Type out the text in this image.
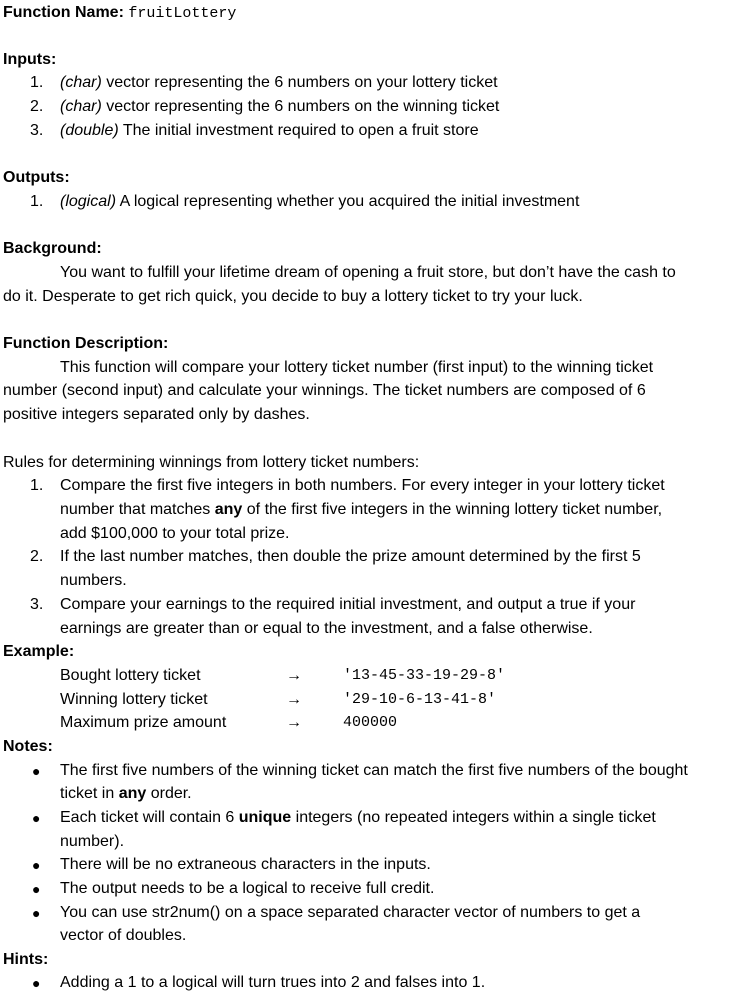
Function Name: fruitLottery
Inputs:
1. (char) vector representing the 6 numbers on your lottery ticket
2. (char) vector representing the 6 numbers on the winning ticket
3. (double) The initial investment required to open a fruit store
Outputs:
1. (logical) A logical representing whether you acquired the initial investment
Background:
You want to fulfill your lifetime dream of opening a fruit store, but don’t have the cash to
do it. Desperate to get rich quick, you decide to buy a lottery ticket to try your luck.
Function Description:
This function will compare your lottery ticket number (first input) to the winning ticket
number (second input) and calculate your winnings. The ticket numbers are composed of 6
positive integers separated only by dashes.
Rules for determining winnings from lottery ticket numbers:
1. Compare the first five integers in both numbers. For every integer in your lottery ticket
number that matches any of the first five integers in the winning lottery ticket number,
add $100,000 to your total prize.
2. If the last number matches, then double the prize amount determined by the first 5
numbers.
3. Compare your earnings to the required initial investment, and output a true if your
earnings are greater than or equal to the investment, and a false otherwise.
Example:
Bought lottery ticket	→	'13-45-33-19-29-8'
Winning lottery ticket	→	'29-10-6-13-41-8'
Maximum prize amount	→	400000
Notes:
● The first five numbers of the winning ticket can match the first five numbers of the bought
ticket in any order.
● Each ticket will contain 6 unique integers (no repeated integers within a single ticket
number).
● There will be no extraneous characters in the inputs.
● The output needs to be a logical to receive full credit.
● You can use str2num() on a space separated character vector of numbers to get a
vector of doubles.
Hints:
● Adding a 1 to a logical will turn trues into 2 and falses into 1.
